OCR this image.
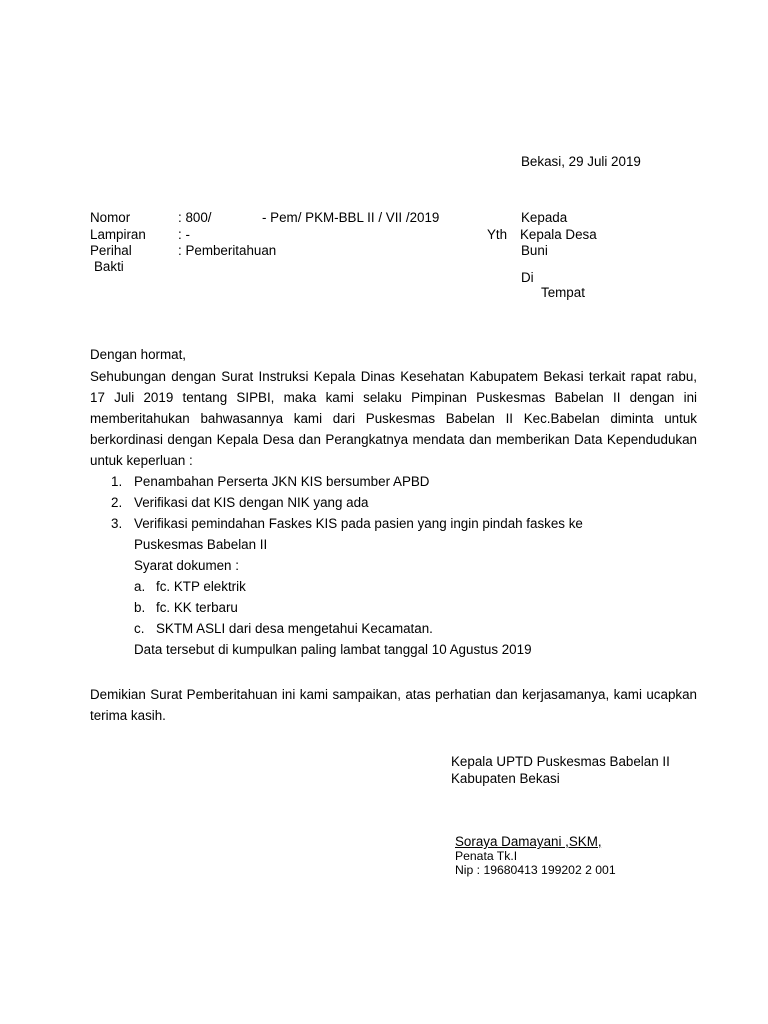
Bekasi, 29 Juli 2019
Nomor	: 800/	- Pem/ PKM-BBL II / VII /2019
Lampiran : -
Perihal	: Pemberitahuan
Bakti
Kepada
Yth Kepala Desa
Buni
Di
Tempat
Dengan hormat,
Sehubungan dengan Surat Instruksi Kepala Dinas Kesehatan Kabupatem Bekasi terkait rapat rabu, 17 Juli 2019 tentang SIPBI, maka kami selaku Pimpinan Puskesmas Babelan II dengan ini memberitahukan bahwasannya kami dari Puskesmas Babelan II Kec.Babelan diminta untuk berkordinasi dengan Kepala Desa dan Perangkatnya mendata dan memberikan Data Kependudukan untuk keperluan :
1. Penambahan Perserta JKN KIS bersumber APBD
2. Verifikasi dat KIS dengan NIK yang ada
3. Verifikasi pemindahan Faskes KIS pada pasien yang ingin pindah faskes ke
Puskesmas Babelan II
Syarat dokumen :
a. fc. KTP elektrik
b. fc. KK terbaru
c. SKTM ASLI dari desa mengetahui Kecamatan.
Data tersebut di kumpulkan paling lambat tanggal 10 Agustus 2019
Demikian Surat Pemberitahuan ini kami sampaikan, atas perhatian dan kerjasamanya, kami ucapkan terima kasih.
Kepala UPTD Puskesmas Babelan II
Kabupaten Bekasi
Soraya Damayani ,SKM,
Penata Tk.I
Nip : 19680413 199202 2 001
